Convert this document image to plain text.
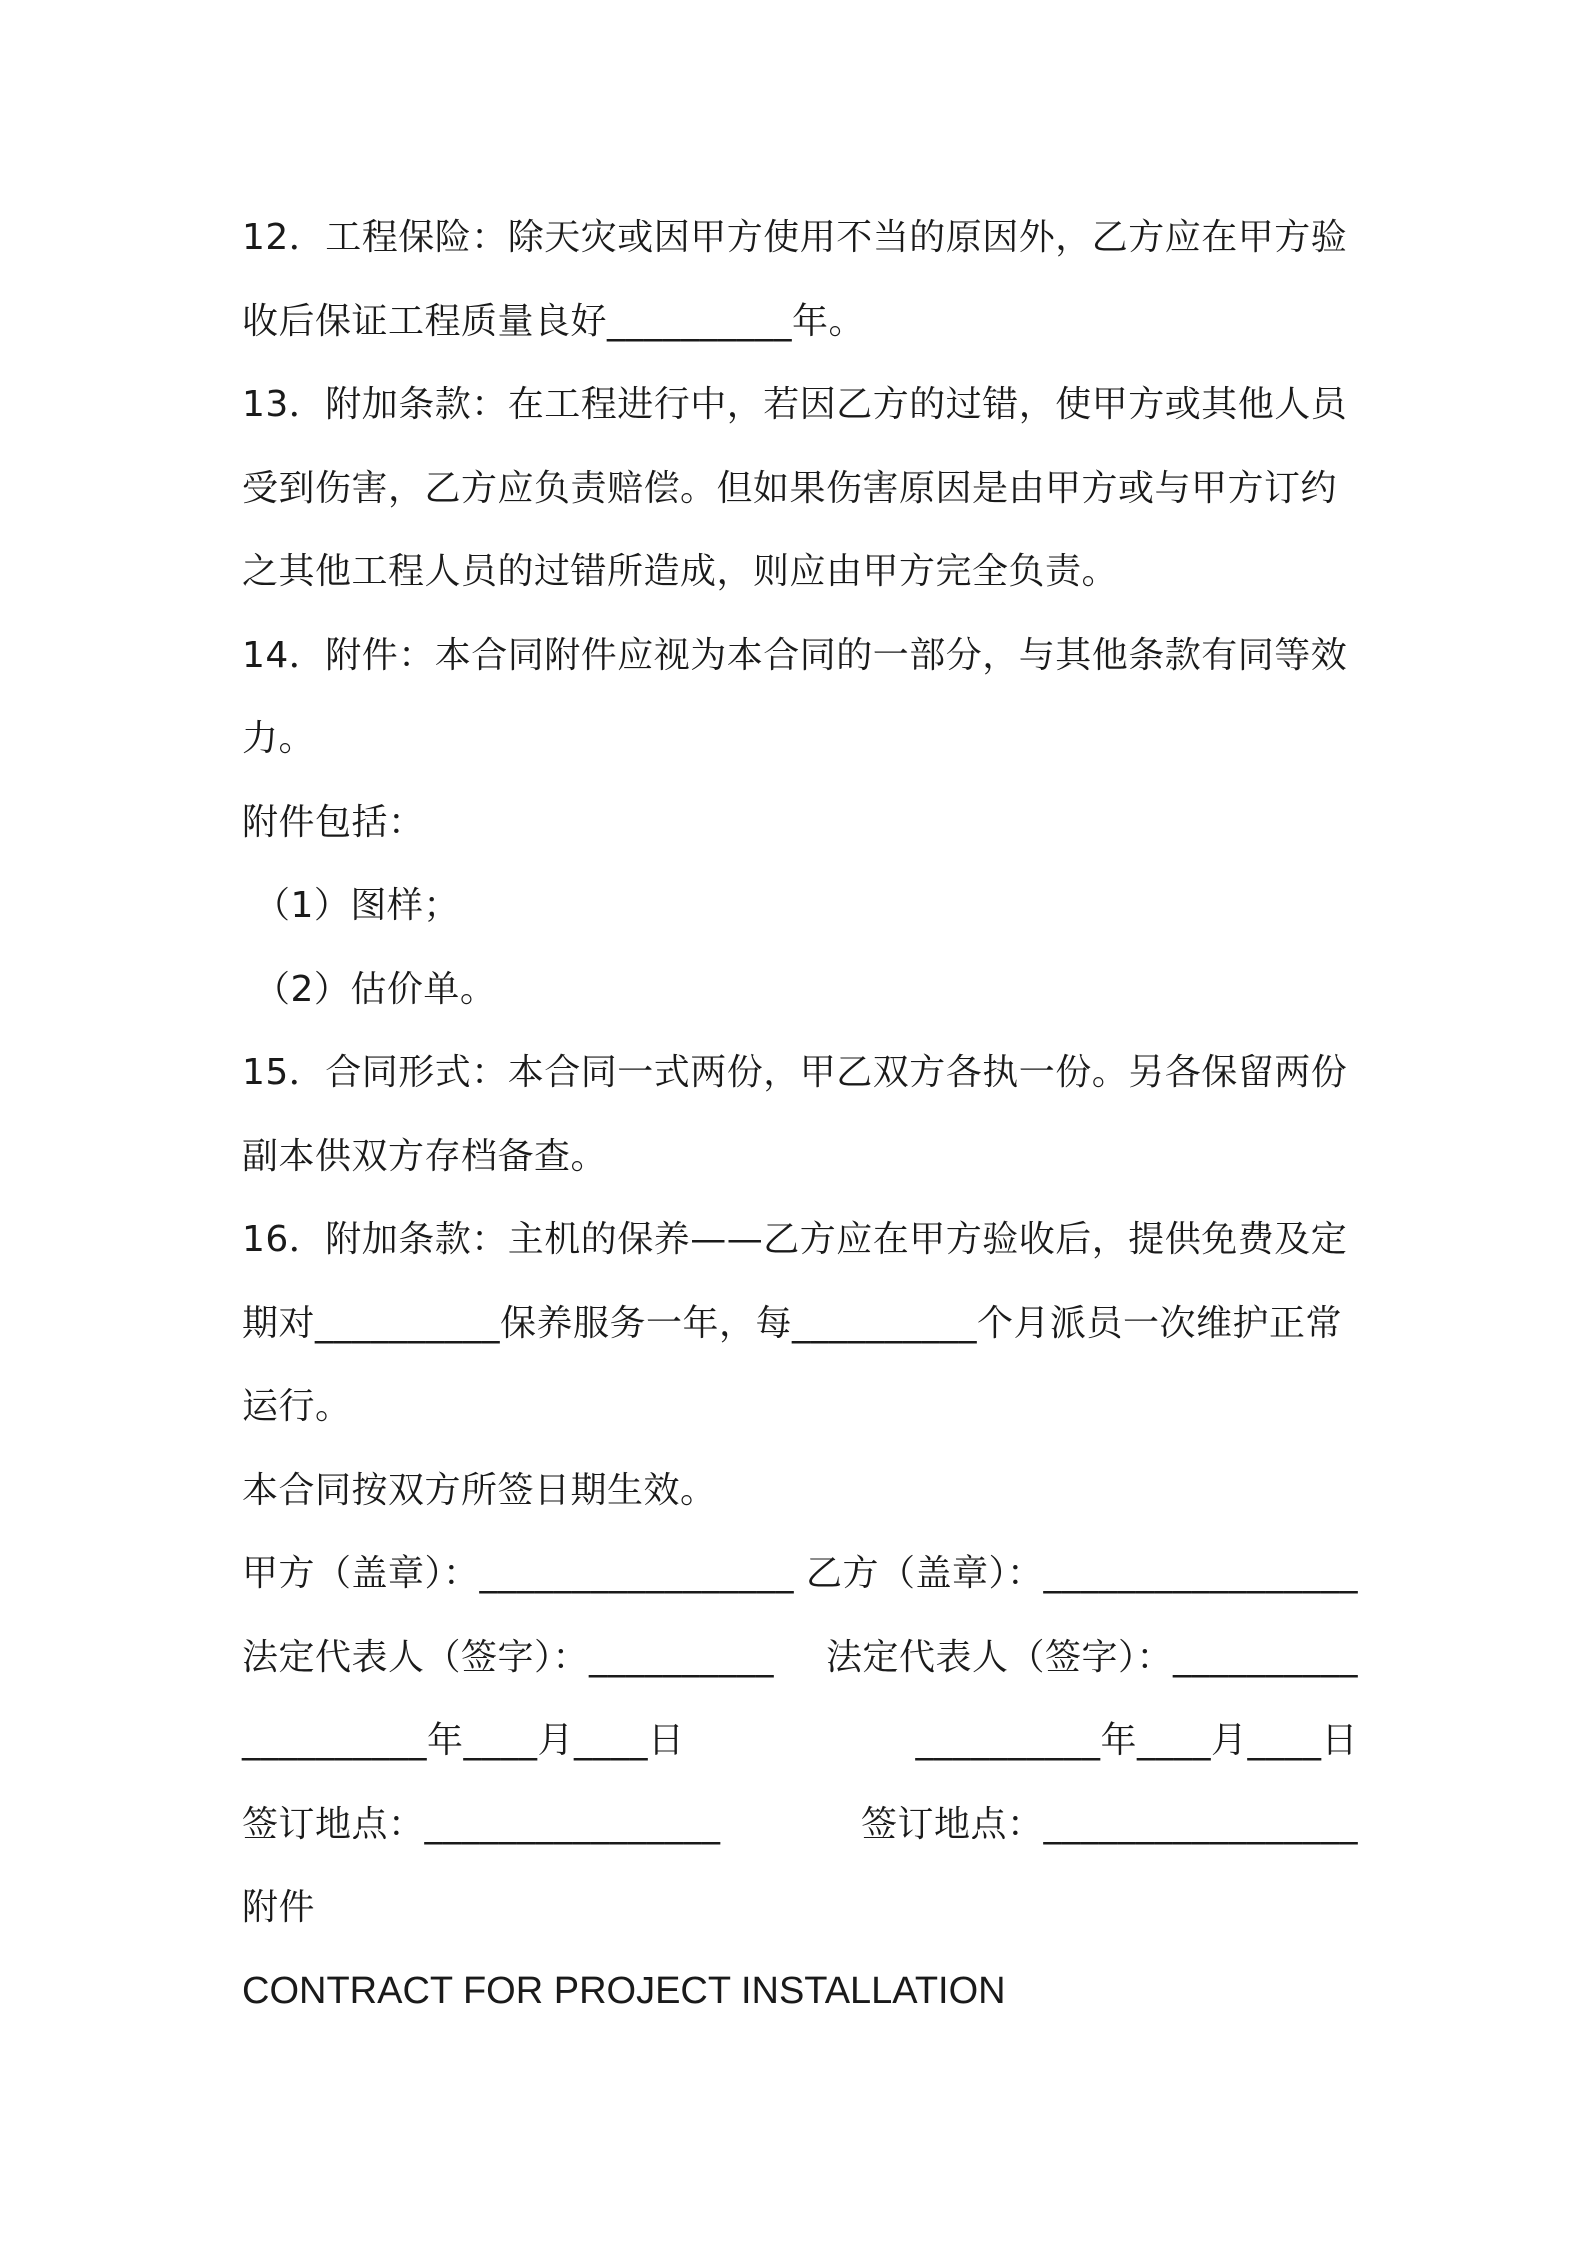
12．工程保险：除天灾或因甲方使用不当的原因外，乙方应在甲方验

收后保证工程质量良好__________年。

13．附加条款：在工程进行中，若因乙方的过错，使甲方或其他人员

受到伤害，乙方应负责赔偿。但如果伤害原因是由甲方或与甲方订约

之其他工程人员的过错所造成，则应由甲方完全负责。

14．附件：本合同附件应视为本合同的一部分，与其他条款有同等效

力。

附件包括：

（1）图样；

（2）估价单。

15．合同形式：本合同一式两份，甲乙双方各执一份。另各保留两份

副本供双方存档备查。

16．附加条款：主机的保养——乙方应在甲方验收后，提供免费及定

期对__________保养服务一年，每__________个月派员一次维护正常

运行。

本合同按双方所签日期生效。

甲方（盖章）：_________________ 乙方（盖章）：_________________
法定代表人（签字）：__________ 法定代表人（签字）：__________
__________年____月____日	__________年____月____日
签订地点：________________	签订地点：_________________

附件

CONTRACT FOR PROJECT INSTALLATION
